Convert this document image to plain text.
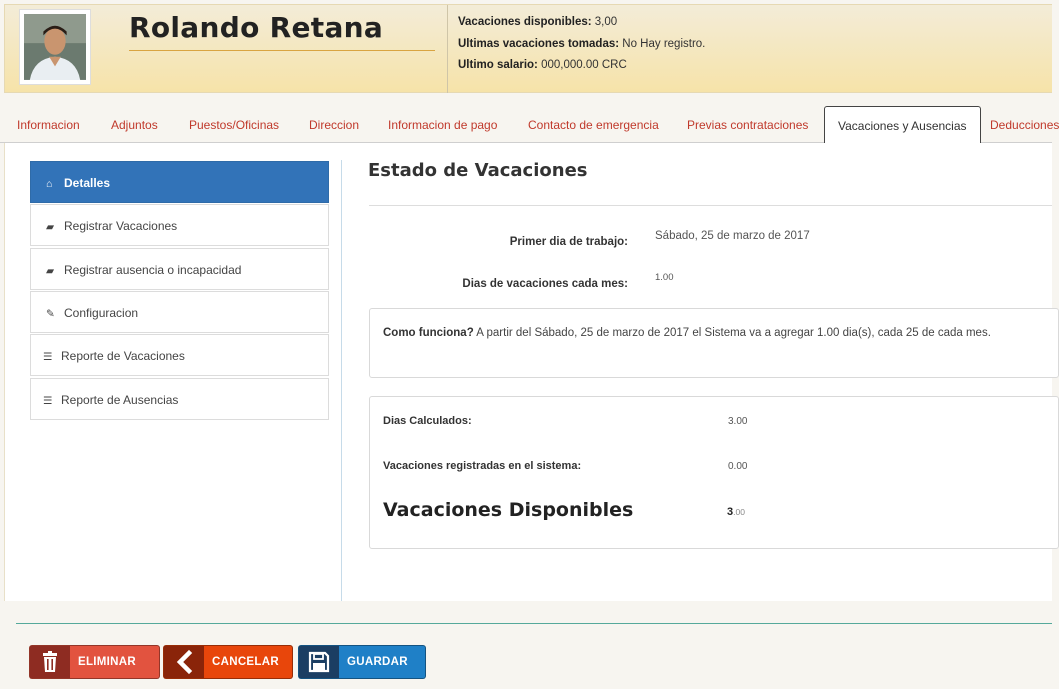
Rolando Retana	Vacaciones disponibles: 3,00
Ultimas vacaciones tomadas: No Hay registro.
Ultimo salario: 000,000.00 CRC
Informacion	Adjuntos	Puestos/Oficinas Direccion Informacion de pago	Contacto de emergencia Previas contrataciones	Vacaciones y Ausencias	Deducciones
⌂ Detalles
▰ Registrar Vacaciones
▰ Registrar ausencia o incapacidad
✎ Configuracion
☰ Reporte de Vacaciones
☰ Reporte de Ausencias
Estado de Vacaciones
Primer dia de trabajo: Sábado, 25 de marzo de 2017
Dias de vacaciones cada mes:
1.00
Como funciona? A partir del Sábado, 25 de marzo de 2017 el Sistema va a agregar 1.00 dia(s), cada 25 de cada mes.
Dias Calculados:	3.00
Vacaciones registradas en el sistema:	0.00
Vacaciones Disponibles	3.00
ELIMINAR	CANCELAR	GUARDAR
